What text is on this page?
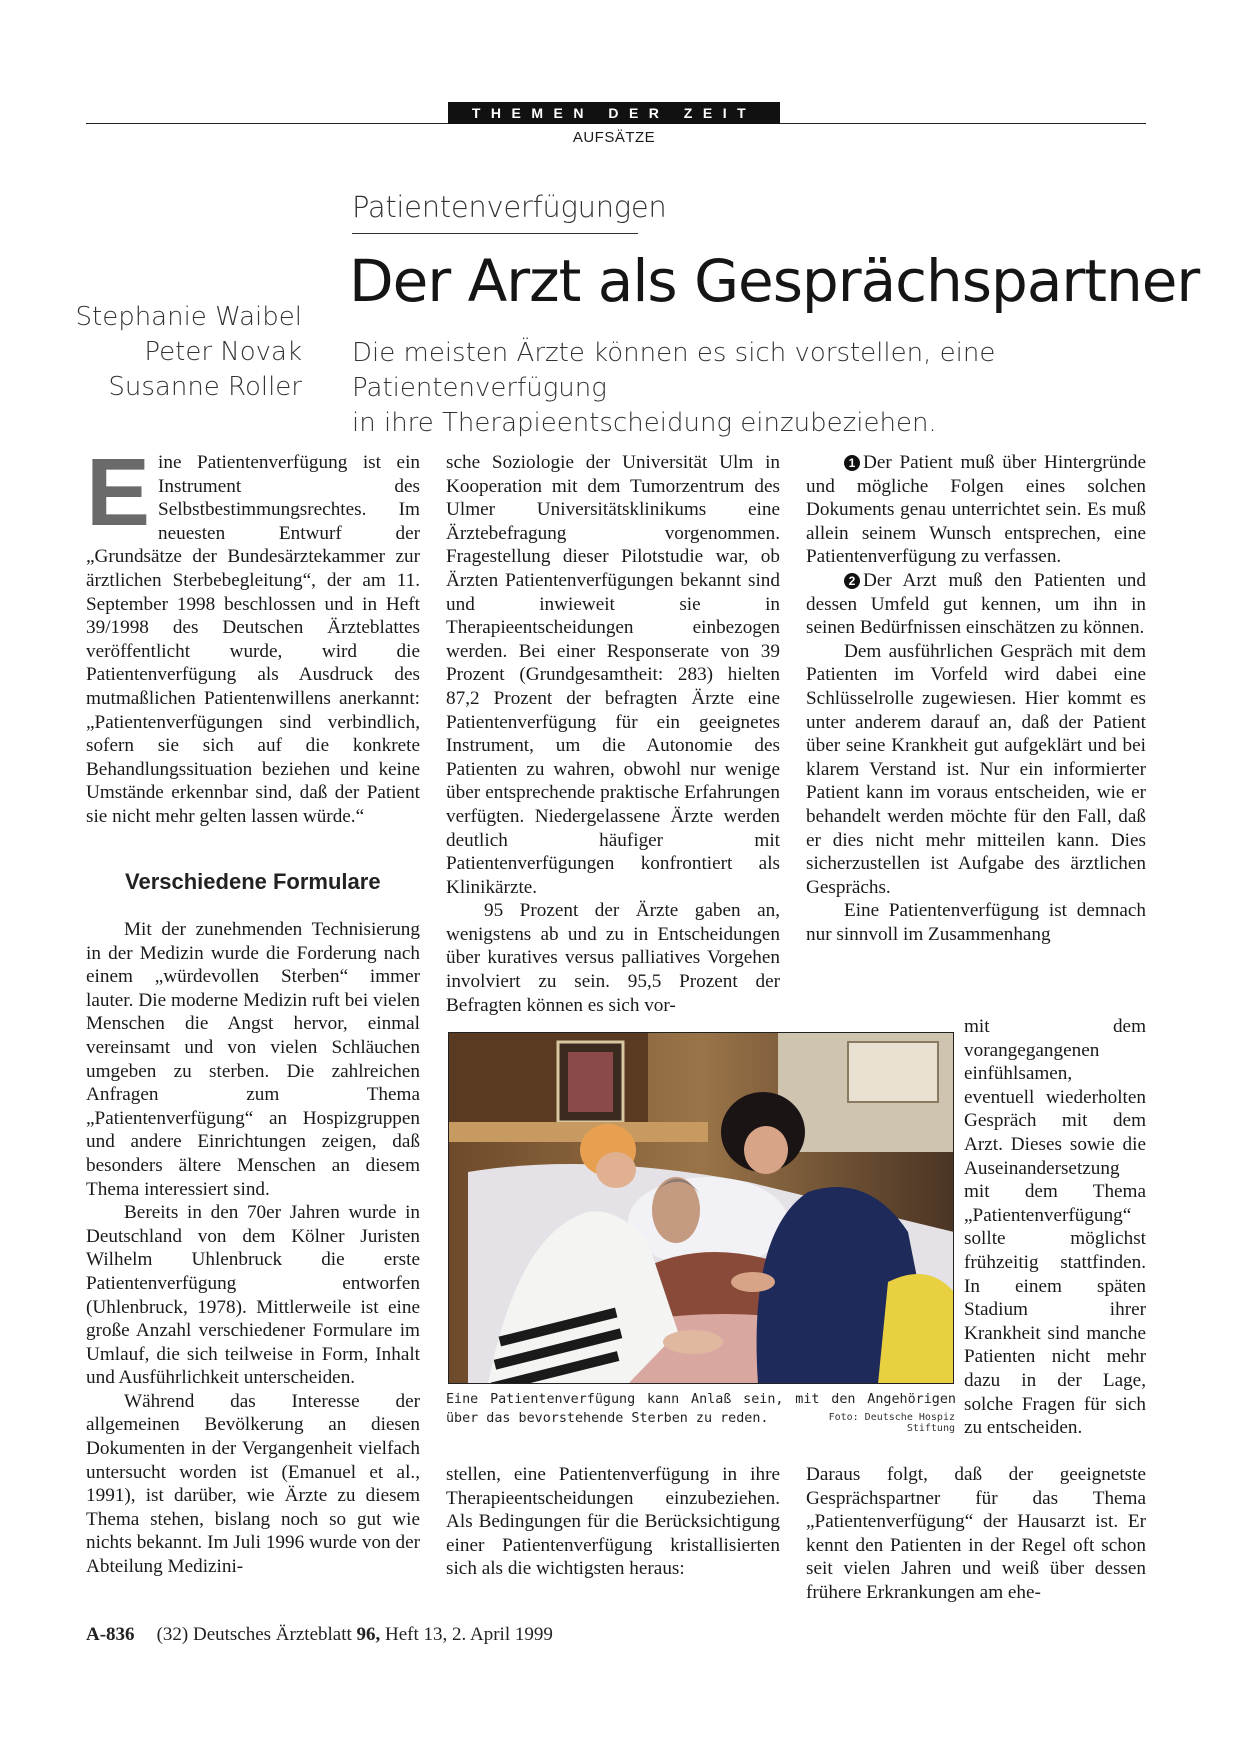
THEMEN DER ZEIT
AUFSÄTZE
Patientenverfügungen
Der Arzt als Gesprächspartner
Die meisten Ärzte können es sich vorstellen, eine Patientenverfügung
in ihre Therapieentscheidung einzubeziehen.
Stephanie Waibel
Peter Novak
Susanne Roller

Eine Patientenverfügung ist ein Instrument des Selbstbestimmungsrechtes. Im neuesten Entwurf der „Grundsätze der Bundesärztekammer zur ärztlichen Sterbebegleitung“, der am 11. September 1998 beschlossen und in Heft 39/1998 des Deutschen Ärzteblattes veröffentlicht wurde, wird die Patientenverfügung als Ausdruck des mutmaßlichen Patientenwillens anerkannt: „Patientenverfügungen sind verbindlich, sofern sie sich auf die konkrete Behandlungssituation beziehen und keine Umstände erkennbar sind, daß der Patient sie nicht mehr gelten lassen würde.“

Verschiedene Formulare

Mit der zunehmenden Technisierung in der Medizin wurde die Forderung nach einem „würdevollen Sterben“ immer lauter. Die moderne Medizin ruft bei vielen Menschen die Angst hervor, einmal vereinsamt und von vielen Schläuchen umgeben zu sterben. Die zahlreichen Anfragen zum Thema „Patientenverfügung“ an Hospizgruppen und andere Einrichtungen zeigen, daß besonders ältere Menschen an diesem Thema interessiert sind.

Bereits in den 70er Jahren wurde in Deutschland von dem Kölner Juristen Wilhelm Uhlenbruck die erste Patientenverfügung entworfen (Uhlenbruck, 1978). Mittlerweile ist eine große Anzahl verschiedener Formulare im Umlauf, die sich teilweise in Form, Inhalt und Ausführlichkeit unterscheiden.

Während das Interesse der allgemeinen Bevölkerung an diesen Dokumenten in der Vergangenheit vielfach untersucht worden ist (Emanuel et al., 1991), ist darüber, wie Ärzte zu diesem Thema stehen, bislang noch so gut wie nichts bekannt. Im Juli 1996 wurde von der Abteilung Medizini-

sche Soziologie der Universität Ulm in Kooperation mit dem Tumorzentrum des Ulmer Universitätsklinikums eine Ärztebefragung vorgenommen. Fragestellung dieser Pilotstudie war, ob Ärzten Patientenverfügungen bekannt sind und inwieweit sie in Therapieentscheidungen einbezogen werden. Bei einer Responserate von 39 Prozent (Grundgesamtheit: 283) hielten 87,2 Prozent der befragten Ärzte eine Patientenverfügung für ein geeignetes Instrument, um die Autonomie des Patienten zu wahren, obwohl nur wenige über entsprechende praktische Erfahrungen verfügten. Niedergelassene Ärzte werden deutlich häufiger mit Patientenverfügungen konfrontiert als Klinikärzte.

95 Prozent der Ärzte gaben an, wenigstens ab und zu in Entscheidungen über kuratives versus palliatives Vorgehen involviert zu sein. 95,5 Prozent der Befragten können es sich vor-

Eine Patientenverfügung kann Anlaß sein, mit den Angehörigen über das bevorstehende Sterben zu reden.	Foto: Deutsche Hospiz Stiftung

stellen, eine Patientenverfügung in ihre Therapieentscheidungen einzubeziehen. Als Bedingungen für die Berücksichtigung einer Patientenverfügung kristallisierten sich als die wichtigsten heraus:

1 Der Patient muß über Hintergründe und mögliche Folgen eines solchen Dokuments genau unterrichtet sein. Es muß allein seinem Wunsch entsprechen, eine Patientenverfügung zu verfassen.

2 Der Arzt muß den Patienten und dessen Umfeld gut kennen, um ihn in seinen Bedürfnissen einschätzen zu können.

Dem ausführlichen Gespräch mit dem Patienten im Vorfeld wird dabei eine Schlüsselrolle zugewiesen. Hier kommt es unter anderem darauf an, daß der Patient über seine Krankheit gut aufgeklärt und bei klarem Verstand ist. Nur ein informierter Patient kann im voraus entscheiden, wie er behandelt werden möchte für den Fall, daß er dies nicht mehr mitteilen kann. Dies sicherzustellen ist Aufgabe des ärztlichen Gesprächs.

Eine Patientenverfügung ist demnach nur sinnvoll im Zusammenhang

mit dem vorangegangenen einfühlsamen, eventuell wiederholten Gespräch mit dem Arzt. Dieses sowie die Auseinandersetzung mit dem Thema „Patientenverfügung“ sollte möglichst frühzeitig stattfinden. In einem späten Stadium ihrer Krankheit sind manche Patienten nicht mehr dazu in der Lage, solche Fragen für sich zu entscheiden.

Daraus folgt, daß der geeignetste Gesprächspartner für das Thema „Patientenverfügung“ der Hausarzt ist. Er kennt den Patienten in der Regel oft schon seit vielen Jahren und weiß über dessen frühere Erkrankungen am ehe-

A-836 (32) Deutsches Ärzteblatt 96, Heft 13, 2. April 1999
